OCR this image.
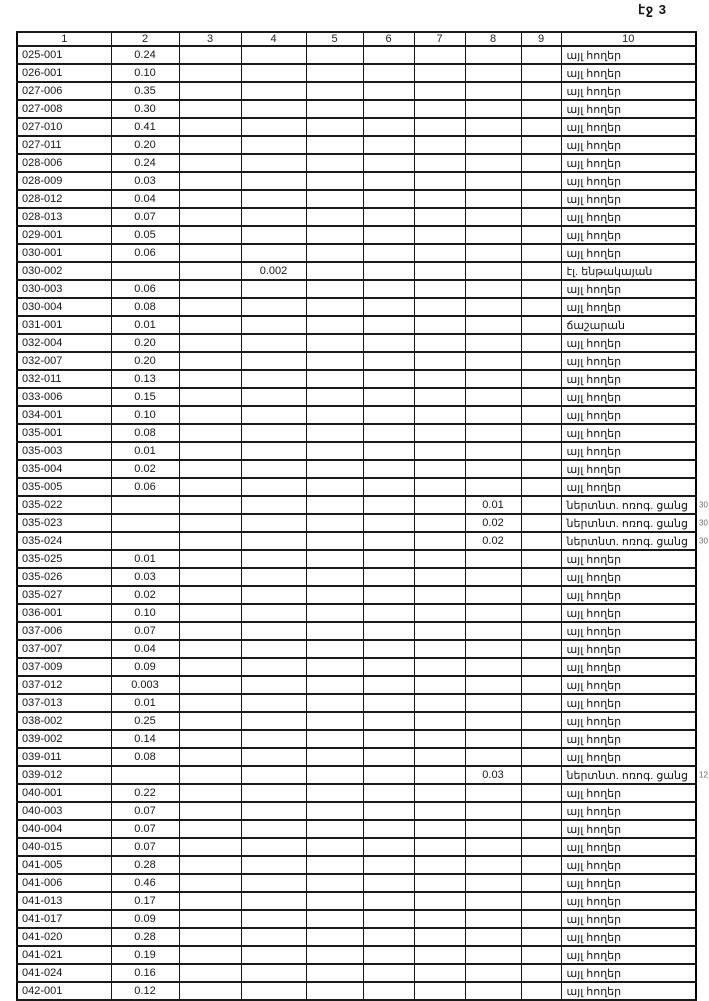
էջ 3
1	2	3	4	5	6	7	8	9	10
025-001	0.24								այլ հողեր
026-001	0.10								այլ հողեր
027-006	0.35								այլ հողեր
027-008	0.30								այլ հողեր
027-010	0.41								այլ հողեր
027-011	0.20								այլ հողեր
028-006	0.24								այլ հողեր
028-009	0.03								այլ հողեր
028-012	0.04								այլ հողեր
028-013	0.07								այլ հողեր
029-001	0.05								այլ հողեր
030-001	0.06								այլ հողեր
030-002			0.002						էլ. ենթակայան
030-003	0.06								այլ հողեր
030-004	0.08								այլ հողեր
031-001	0.01								ճաշարան
032-004	0.20								այլ հողեր
032-007	0.20								այլ հողեր
032-011	0.13								այլ հողեր
033-006	0.15								այլ հողեր
034-001	0.10								այլ հողեր
035-001	0.08								այլ հողեր
035-003	0.01								այլ հողեր
035-004	0.02								այլ հողեր
035-005	0.06								այլ հողեր
035-022							0.01		ներտնտ. ոռոգ. ցանց 30

035-023							0.02		ներտնտ. ոռոգ. ցանց 30

035-024							0.02		ներտնտ. ոռոգ. ցանց 30

035-025	0.01								այլ հողեր
035-026	0.03								այլ հողեր
035-027	0.02								այլ հողեր
036-001	0.10								այլ հողեր
037-006	0.07								այլ հողեր
037-007	0.04								այլ հողեր
037-009	0.09								այլ հողեր
037-012	0.003								այլ հողեր
037-013	0.01								այլ հողեր
038-002	0.25								այլ հողեր
039-002	0.14								այլ հողեր
039-011	0.08								այլ հողեր
039-012							0.03		ներտնտ. ոռոգ. ցանց 12

040-001	0.22								այլ հողեր
040-003	0.07								այլ հողեր
040-004	0.07								այլ հողեր
040-015	0.07								այլ հողեր
041-005	0.28								այլ հողեր
041-006	0.46								այլ հողեր
041-013	0.17								այլ հողեր
041-017	0.09								այլ հողեր
041-020	0.28								այլ հողեր
041-021	0.19								այլ հողեր
041-024	0.16								այլ հողեր
042-001	0.12								այլ հողեր
